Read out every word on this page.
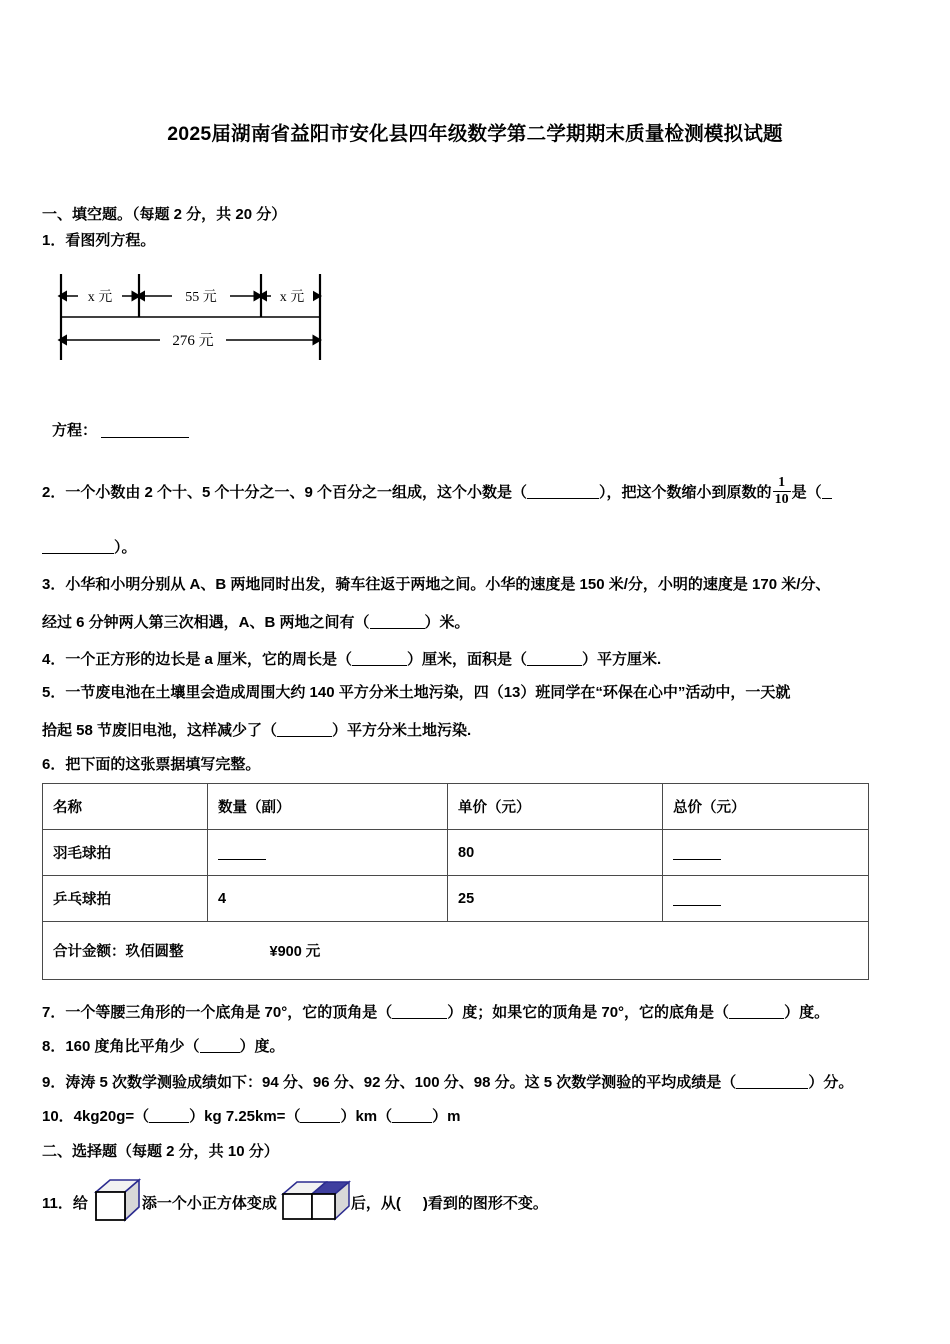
2025届湖南省益阳市安化县四年级数学第二学期期末质量检测模拟试题
一、填空题。（每题 2 分，共 20 分）
1．看图列方程。
x 元	55 元	x 元
276 元
方程：
2．一个小数由 2 个十、5 个十分之一、9 个百分之一组成，这个小数是（	），把这个数缩小到原数的 $\frac{1}{10}$ 是（
）。
3．小华和小明分别从 A、B 两地同时出发，骑车往返于两地之间。小华的速度是 150 米/分，小明的速度是 170 米/分、
经过 6 分钟两人第三次相遇，A、B 两地之间有（	）米。
4．一个正方形的边长是 a 厘米，它的周长是（	）厘米，面积是（	）平方厘米.
5．一节废电池在土壤里会造成周围大约 140 平方分米土地污染，四（13）班同学在“环保在心中”活动中，一天就
拾起 58 节废旧电池，这样减少了（	）平方分米土地污染.
6．把下面的这张票据填写完整。
名称	数量（副）	单价（元）	总价（元）
羽毛球拍		80	
乒乓球拍	4	25	
合计金额：玖佰圆整 ¥900 元			
7．一个等腰三角形的一个底角是 70°，它的顶角是（	）度；如果它的顶角是 70°，它的底角是（	）度。
8．160 度角比平角少（	）度。
9．涛涛 5 次数学测验成绩如下：94 分、96 分、92 分、100 分、98 分。这 5 次数学测验的平均成绩是（	）分。
10．4kg20g=（	）kg 7.25km=（	）km（	）m
二、选择题（每题 2 分，共 10 分）
11．给	添一个小正方体变成	后，从( )看到的图形不变。
